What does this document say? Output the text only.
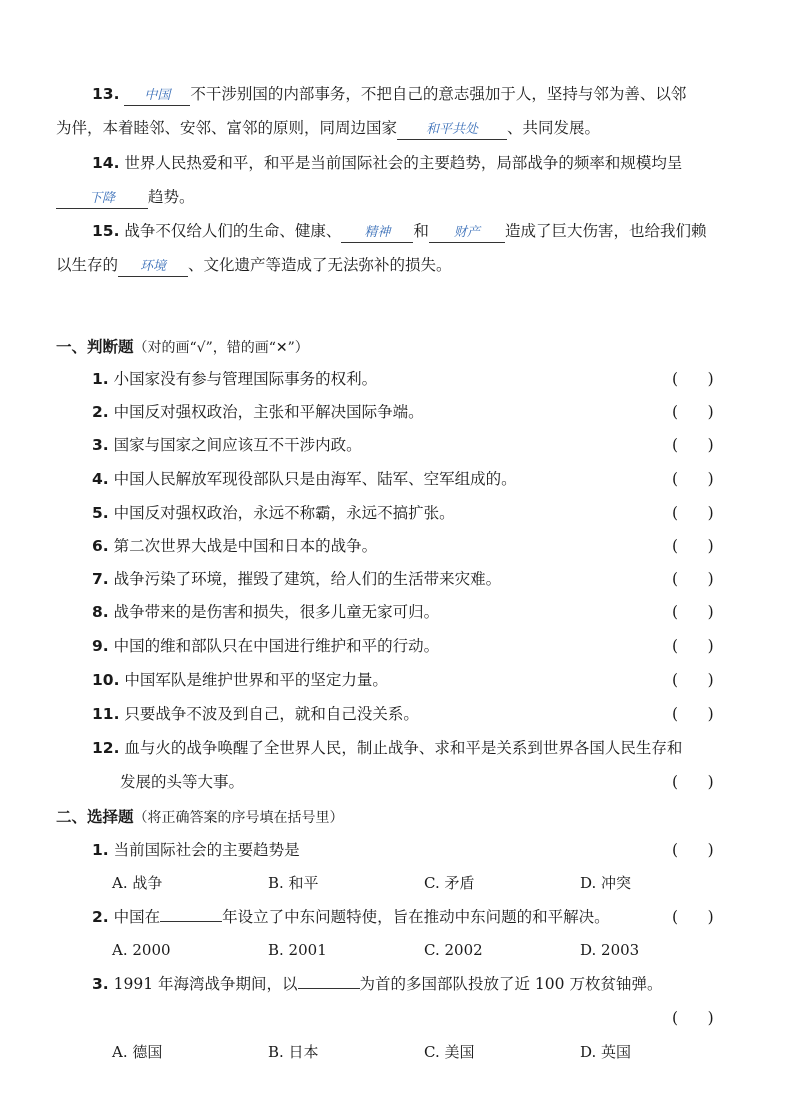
13. 中国 不干涉别国的内部事务，不把自己的意志强加于人，坚持与邻为善、以邻
为伴，本着睦邻、安邻、富邻的原则，同周边国家 和平共处 、共同发展。
14. 世界人民热爱和平，和平是当前国际社会的主要趋势，局部战争的频率和规模均呈
下降 趋势。
15. 战争不仅给人们的生命、健康、 精神 和 财产 造成了巨大伤害，也给我们赖
以生存的 环境 、文化遗产等造成了无法弥补的损失。
一、判断题（对的画“√”，错的画“✕”）
1. 小国家没有参与管理国际事务的权利。	(      )
2. 中国反对强权政治，主张和平解决国际争端。	(      )
3. 国家与国家之间应该互不干涉内政。	(      )
4. 中国人民解放军现役部队只是由海军、陆军、空军组成的。	(      )
5. 中国反对强权政治，永远不称霸，永远不搞扩张。	(      )
6. 第二次世界大战是中国和日本的战争。	(      )
7. 战争污染了环境，摧毁了建筑，给人们的生活带来灾难。	(      )
8. 战争带来的是伤害和损失，很多儿童无家可归。	(      )
9. 中国的维和部队只在中国进行维护和平的行动。	(      )
10. 中国军队是维护世界和平的坚定力量。	(      )
11. 只要战争不波及到自己，就和自己没关系。	(      )
12. 血与火的战争唤醒了全世界人民，制止战争、求和平是关系到世界各国人民生存和
发展的头等大事。	(      )
二、选择题（将正确答案的序号填在括号里）
1. 当前国际社会的主要趋势是	(      )
A. 战争	B. 和平	C. 矛盾	D. 冲突
2. 中国在	年设立了中东问题特使，旨在推动中东问题的和平解决。	(      )
A. 2000	B. 2001	C. 2002	D. 2003
3. 1991 年海湾战争期间，以	为首的多国部队投放了近 100 万枚贫铀弹。
(      )
A. 德国	B. 日本	C. 美国	D. 英国
